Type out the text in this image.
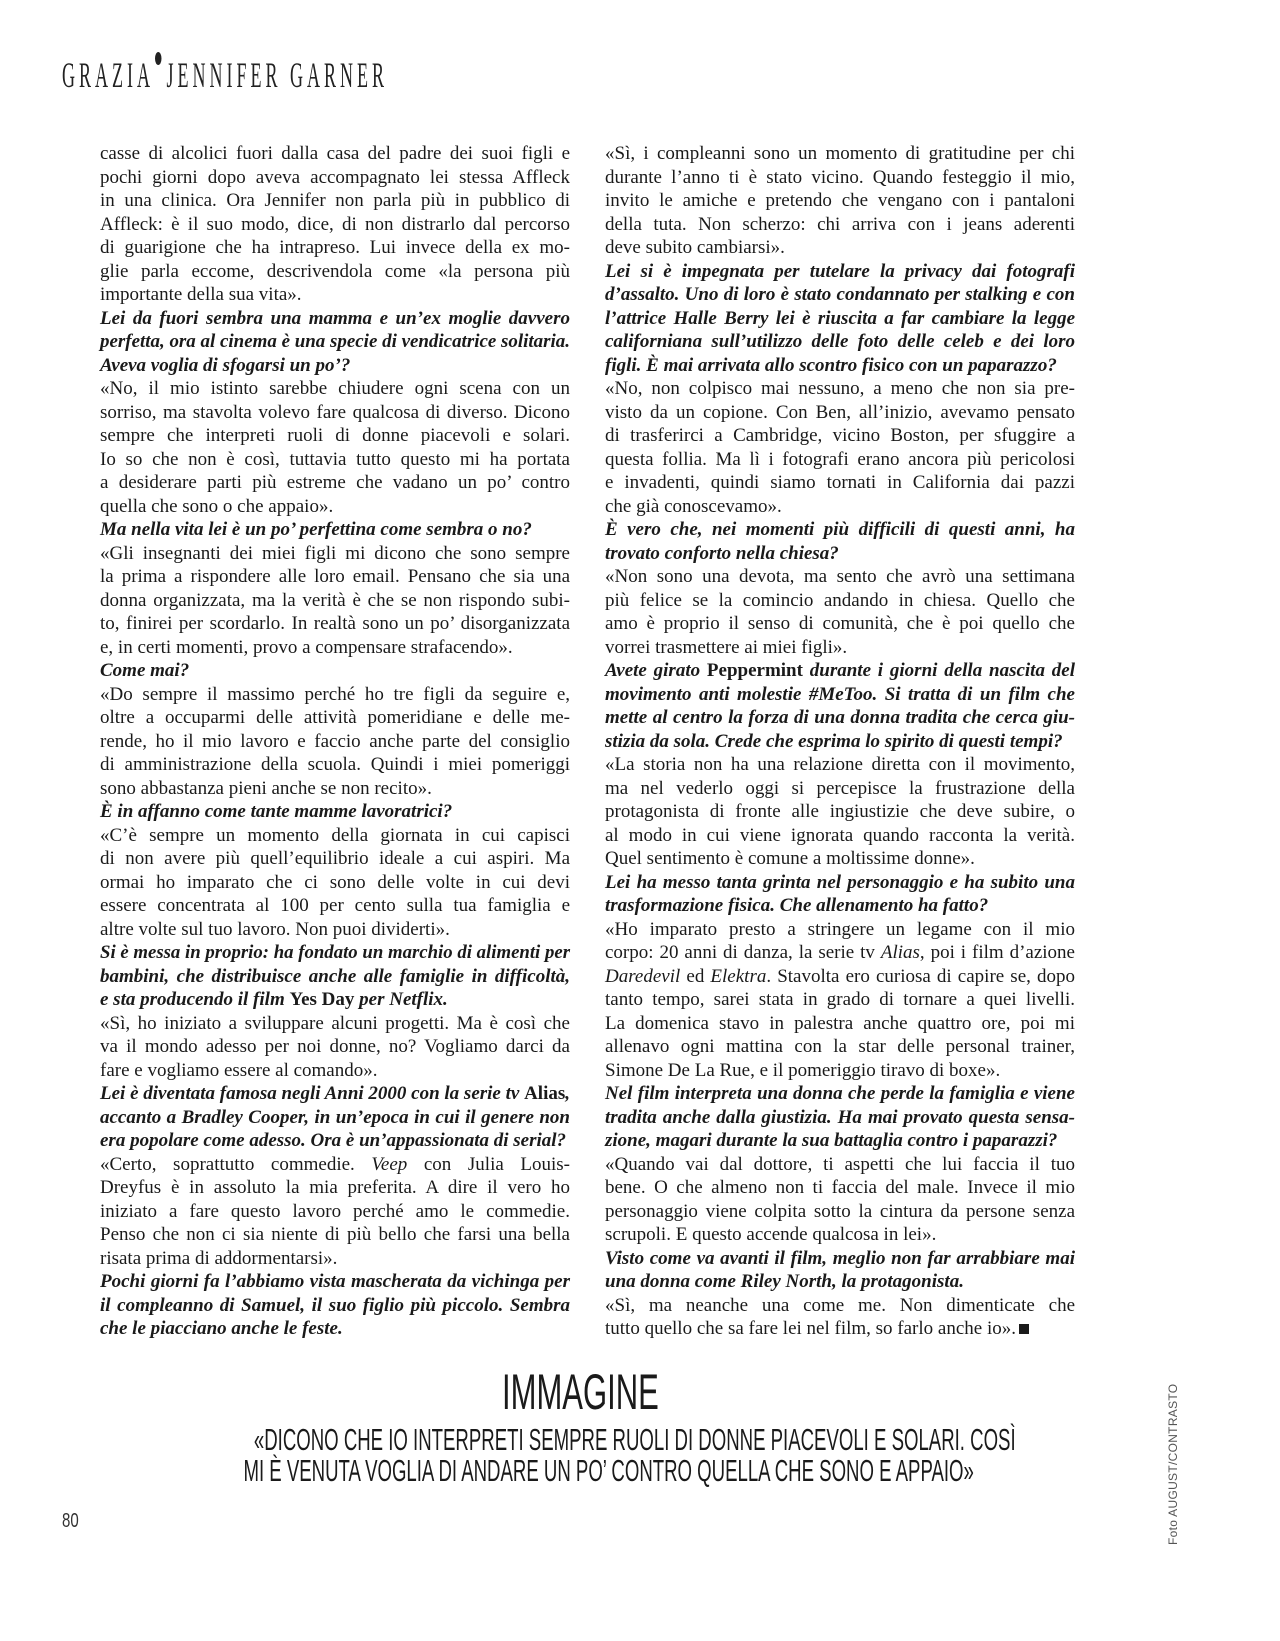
GRAZIA JENNIFER GARNER
casse di alcolici fuori dalla casa del padre dei suoi figli e
pochi giorni dopo aveva accompagnato lei stessa Affleck
in una clinica. Ora Jennifer non parla più in pubblico di
Affleck: è il suo modo, dice, di non distrarlo dal percorso
di guarigione che ha intrapreso. Lui invece della ex mo-
glie parla eccome, descrivendola come «la persona più
importante della sua vita».
Lei da fuori sembra una mamma e un’ex moglie davvero
perfetta, ora al cinema è una specie di vendicatrice solitaria.
Aveva voglia di sfogarsi un po’?
«No, il mio istinto sarebbe chiudere ogni scena con un
sorriso, ma stavolta volevo fare qualcosa di diverso. Dicono
sempre che interpreti ruoli di donne piacevoli e solari.
Io so che non è così, tuttavia tutto questo mi ha portata
a desiderare parti più estreme che vadano un po’ contro
quella che sono o che appaio».
Ma nella vita lei è un po’ perfettina come sembra o no?
«Gli insegnanti dei miei figli mi dicono che sono sempre
la prima a rispondere alle loro email. Pensano che sia una
donna organizzata, ma la verità è che se non rispondo subi-
to, finirei per scordarlo. In realtà sono un po’ disorganizzata
e, in certi momenti, provo a compensare strafacendo».
Come mai?
«Do sempre il massimo perché ho tre figli da seguire e,
oltre a occuparmi delle attività pomeridiane e delle me-
rende, ho il mio lavoro e faccio anche parte del consiglio
di amministrazione della scuola. Quindi i miei pomeriggi
sono abbastanza pieni anche se non recito».
È in affanno come tante mamme lavoratrici?
«C’è sempre un momento della giornata in cui capisci
di non avere più quell’equilibrio ideale a cui aspiri. Ma
ormai ho imparato che ci sono delle volte in cui devi
essere concentrata al 100 per cento sulla tua famiglia e
altre volte sul tuo lavoro. Non puoi dividerti».
Si è messa in proprio: ha fondato un marchio di alimenti per
bambini, che distribuisce anche alle famiglie in difficoltà,
e sta producendo il film Yes Day per Netflix.
«Sì, ho iniziato a sviluppare alcuni progetti. Ma è così che
va il mondo adesso per noi donne, no? Vogliamo darci da
fare e vogliamo essere al comando».
Lei è diventata famosa negli Anni 2000 con la serie tv Alias,
accanto a Bradley Cooper, in un’epoca in cui il genere non
era popolare come adesso. Ora è un’appassionata di serial?
«Certo, soprattutto commedie. Veep con Julia Louis-
Dreyfus è in assoluto la mia preferita. A dire il vero ho
iniziato a fare questo lavoro perché amo le commedie.
Penso che non ci sia niente di più bello che farsi una bella
risata prima di addormentarsi».
Pochi giorni fa l’abbiamo vista mascherata da vichinga per
il compleanno di Samuel, il suo figlio più piccolo. Sembra
che le piacciano anche le feste.
«Sì, i compleanni sono un momento di gratitudine per chi
durante l’anno ti è stato vicino. Quando festeggio il mio,
invito le amiche e pretendo che vengano con i pantaloni
della tuta. Non scherzo: chi arriva con i jeans aderenti
deve subito cambiarsi».
Lei si è impegnata per tutelare la privacy dai fotografi
d’assalto. Uno di loro è stato condannato per stalking e con
l’attrice Halle Berry lei è riuscita a far cambiare la legge
californiana sull’utilizzo delle foto delle celeb e dei loro
figli. È mai arrivata allo scontro fisico con un paparazzo?
«No, non colpisco mai nessuno, a meno che non sia pre-
visto da un copione. Con Ben, all’inizio, avevamo pensato
di trasferirci a Cambridge, vicino Boston, per sfuggire a
questa follia. Ma lì i fotografi erano ancora più pericolosi
e invadenti, quindi siamo tornati in California dai pazzi
che già conoscevamo».
È vero che, nei momenti più difficili di questi anni, ha
trovato conforto nella chiesa?
«Non sono una devota, ma sento che avrò una settimana
più felice se la comincio andando in chiesa. Quello che
amo è proprio il senso di comunità, che è poi quello che
vorrei trasmettere ai miei figli».
Avete girato Peppermint durante i giorni della nascita del
movimento anti molestie #MeToo. Si tratta di un film che
mette al centro la forza di una donna tradita che cerca giu-
stizia da sola. Crede che esprima lo spirito di questi tempi?
«La storia non ha una relazione diretta con il movimento,
ma nel vederlo oggi si percepisce la frustrazione della
protagonista di fronte alle ingiustizie che deve subire, o
al modo in cui viene ignorata quando racconta la verità.
Quel sentimento è comune a moltissime donne».
Lei ha messo tanta grinta nel personaggio e ha subito una
trasformazione fisica. Che allenamento ha fatto?
«Ho imparato presto a stringere un legame con il mio
corpo: 20 anni di danza, la serie tv Alias, poi i film d’azione
Daredevil ed Elektra. Stavolta ero curiosa di capire se, dopo
tanto tempo, sarei stata in grado di tornare a quei livelli.
La domenica stavo in palestra anche quattro ore, poi mi
allenavo ogni mattina con la star delle personal trainer,
Simone De La Rue, e il pomeriggio tiravo di boxe».
Nel film interpreta una donna che perde la famiglia e viene
tradita anche dalla giustizia. Ha mai provato questa sensa-
zione, magari durante la sua battaglia contro i paparazzi?
«Quando vai dal dottore, ti aspetti che lui faccia il tuo
bene. O che almeno non ti faccia del male. Invece il mio
personaggio viene colpita sotto la cintura da persone senza
scrupoli. E questo accende qualcosa in lei».
Visto come va avanti il film, meglio non far arrabbiare mai
una donna come Riley North, la protagonista.
«Sì, ma neanche una come me. Non dimenticate che
tutto quello che sa fare lei nel film, so farlo anche io».
IMMAGINE
«DICONO CHE IO INTERPRETI SEMPRE RUOLI DI DONNE PIACEVOLI E SOLARI. COSÌ
MI È VENUTA VOGLIA DI ANDARE UN PO’ CONTRO QUELLA CHE SONO E APPAIO»	Foto AUGUST/CONTRASTO
80
